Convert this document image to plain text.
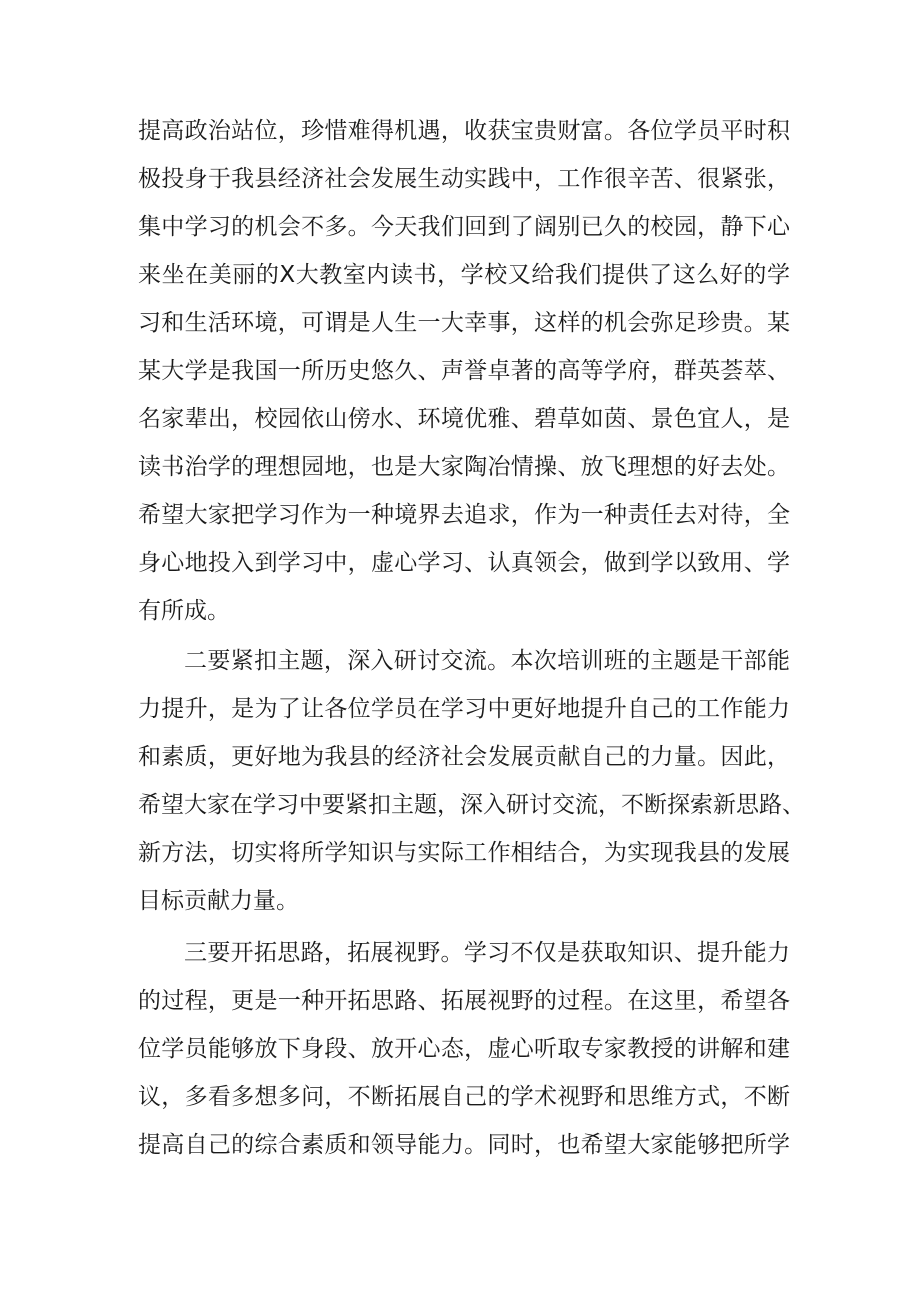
提高政治站位，珍惜难得机遇，收获宝贵财富。各位学员平时积
极投身于我县经济社会发展生动实践中，工作很辛苦、很紧张，
集中学习的机会不多。今天我们回到了阔别已久的校园，静下心
来坐在美丽的X大教室内读书，学校又给我们提供了这么好的学
习和生活环境，可谓是人生一大幸事，这样的机会弥足珍贵。某
某大学是我国一所历史悠久、声誉卓著的高等学府，群英荟萃、
名家辈出，校园依山傍水、环境优雅、碧草如茵、景色宜人，是
读书治学的理想园地，也是大家陶冶情操、放飞理想的好去处。
希望大家把学习作为一种境界去追求，作为一种责任去对待，全
身心地投入到学习中，虚心学习、认真领会，做到学以致用、学
有所成。
二要紧扣主题，深入研讨交流。本次培训班的主题是干部能
力提升，是为了让各位学员在学习中更好地提升自己的工作能力
和素质，更好地为我县的经济社会发展贡献自己的力量。因此，
希望大家在学习中要紧扣主题，深入研讨交流，不断探索新思路、
新方法，切实将所学知识与实际工作相结合，为实现我县的发展
目标贡献力量。
三要开拓思路，拓展视野。学习不仅是获取知识、提升能力
的过程，更是一种开拓思路、拓展视野的过程。在这里，希望各
位学员能够放下身段、放开心态，虚心听取专家教授的讲解和建
议，多看多想多问，不断拓展自己的学术视野和思维方式，不断
提高自己的综合素质和领导能力。同时，也希望大家能够把所学
